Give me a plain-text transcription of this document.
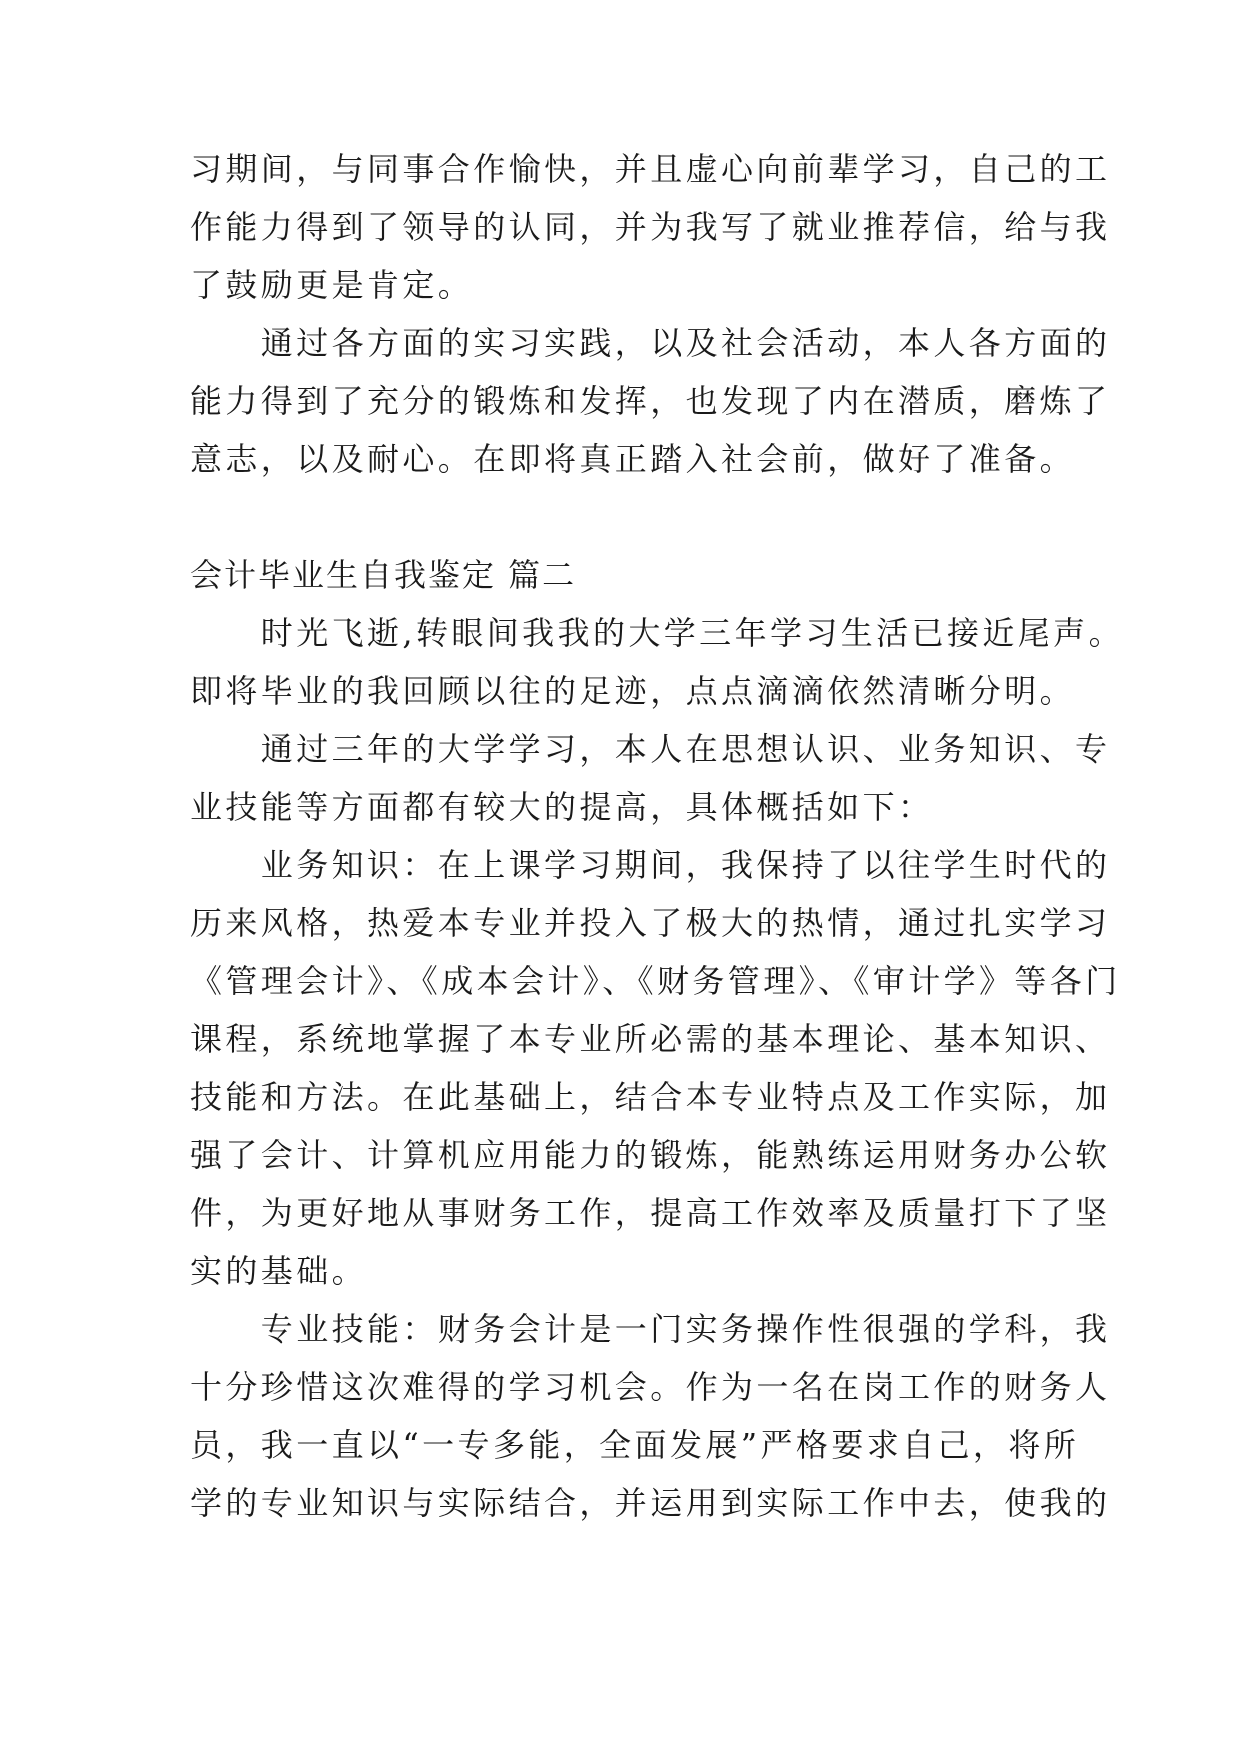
习期间，与同事合作愉快，并且虚心向前辈学习，自己的工
作能力得到了领导的认同，并为我写了就业推荐信，给与我
了鼓励更是肯定。
　　通过各方面的实习实践，以及社会活动，本人各方面的
能力得到了充分的锻炼和发挥，也发现了内在潜质，磨炼了
意志，以及耐心。在即将真正踏入社会前，做好了准备。
会计毕业生自我鉴定 篇二
　　时光飞逝,转眼间我我的大学三年学习生活已接近尾声。
即将毕业的我回顾以往的足迹，点点滴滴依然清晰分明。
　　通过三年的大学学习，本人在思想认识、业务知识、专
业技能等方面都有较大的提高，具体概括如下：
　　业务知识：在上课学习期间，我保持了以往学生时代的
历来风格，热爱本专业并投入了极大的热情，通过扎实学习
《管理会计》、《成本会计》、《财务管理》、《审计学》等各门
课程，系统地掌握了本专业所必需的基本理论、基本知识、
技能和方法。在此基础上，结合本专业特点及工作实际，加
强了会计、计算机应用能力的锻炼，能熟练运用财务办公软
件，为更好地从事财务工作，提高工作效率及质量打下了坚
实的基础。
　　专业技能：财务会计是一门实务操作性很强的学科，我
十分珍惜这次难得的学习机会。作为一名在岗工作的财务人
员，我一直以“一专多能，全面发展”严格要求自己，将所
学的专业知识与实际结合，并运用到实际工作中去，使我的
